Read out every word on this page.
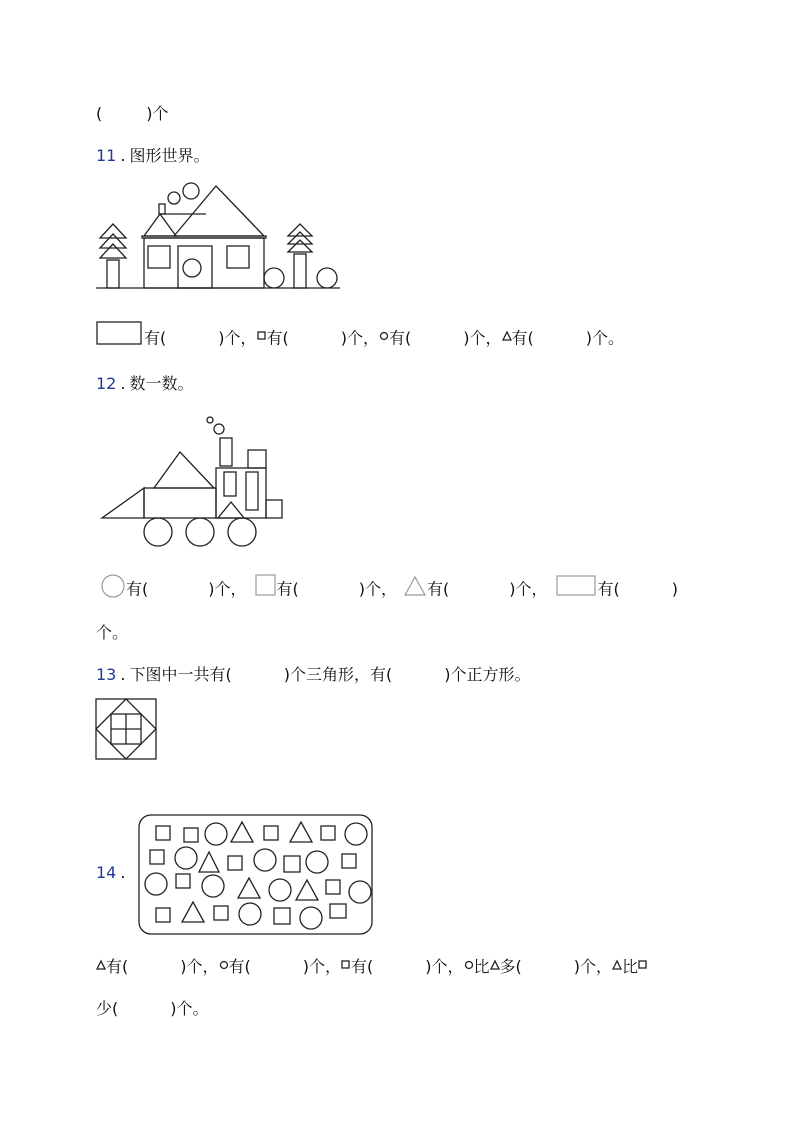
(	)个
11 . 图形世界。
有(	)个， 有(	)个， 有(	)个， 有(	)个。
12 . 数一数。
有(	)个， 有(	)个， 有(	)个，	有(	)
个。
13 . 下图中一共有(	)个三角形，有(	)个正方形。
14 .
有(	)个， 有(	)个， 有(	)个， 比 多(	)个， 比
少(	)个。
